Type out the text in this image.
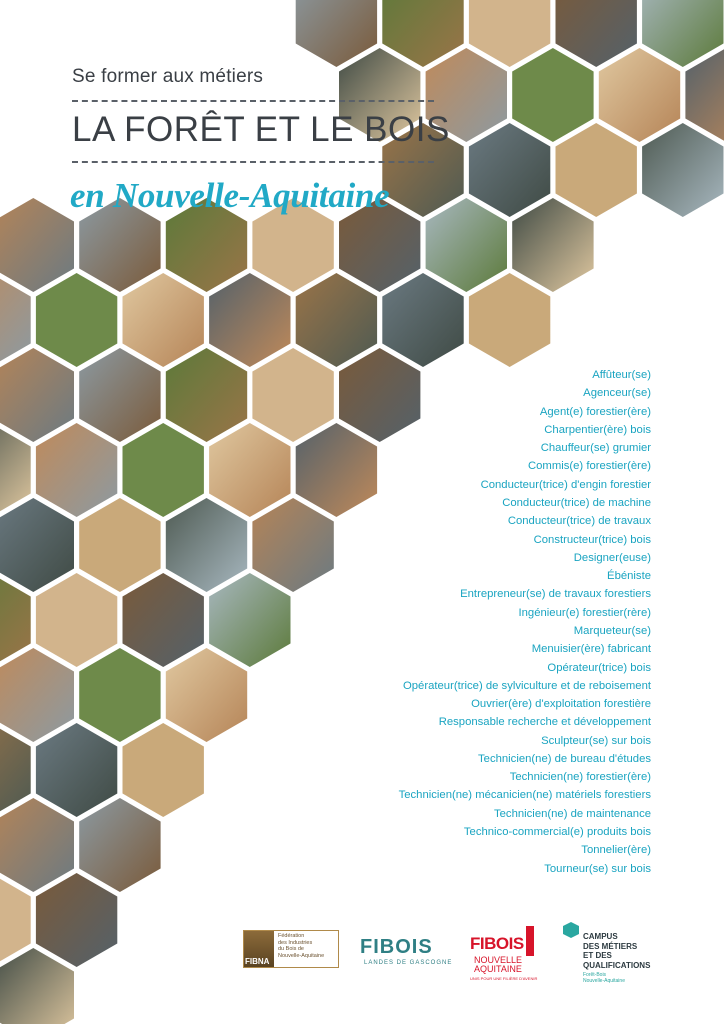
Se former aux métiers
LA FORÊT ET LE BOIS
en Nouvelle-Aquitaine
Affûteur(se)
Agenceur(se)
Agent(e) forestier(ère)
Charpentier(ère) bois
Chauffeur(se) grumier
Commis(e) forestier(ère)
Conducteur(trice) d'engin forestier
Conducteur(trice) de machine
Conducteur(trice) de travaux
Constructeur(trice) bois
Designer(euse)
Ébéniste
Entrepreneur(se) de travaux forestiers
Ingénieur(e) forestier(rère)
Marqueteur(se)
Menuisier(ère) fabricant
Opérateur(trice) bois
Opérateur(trice) de sylviculture et de reboisement
Ouvrier(ère) d'exploitation forestière
Responsable recherche et développement
Sculpteur(se) sur bois
Technicien(ne) de bureau d'études
Technicien(ne) forestier(ère)
Technicien(ne) mécanicien(ne) matériels forestiers
Technicien(ne) de maintenance
Technico-commercial(e) produits bois
Tonnelier(ère)
Tourneur(se) sur bois
FIBNA
Fédération
des Industries
du Bois de
Nouvelle-Aquitaine FIBOIS
LANDES DE GASCOGNE
FIBOIS
NOUVELLE
AQUITAINE
UNIS POUR UNE FILIÈRE D'AVENIR
CAMPUS
DES MÉTIERS
ET DES
QUALIFICATIONS
Forêt-Bois
Nouvelle-Aquitaine
